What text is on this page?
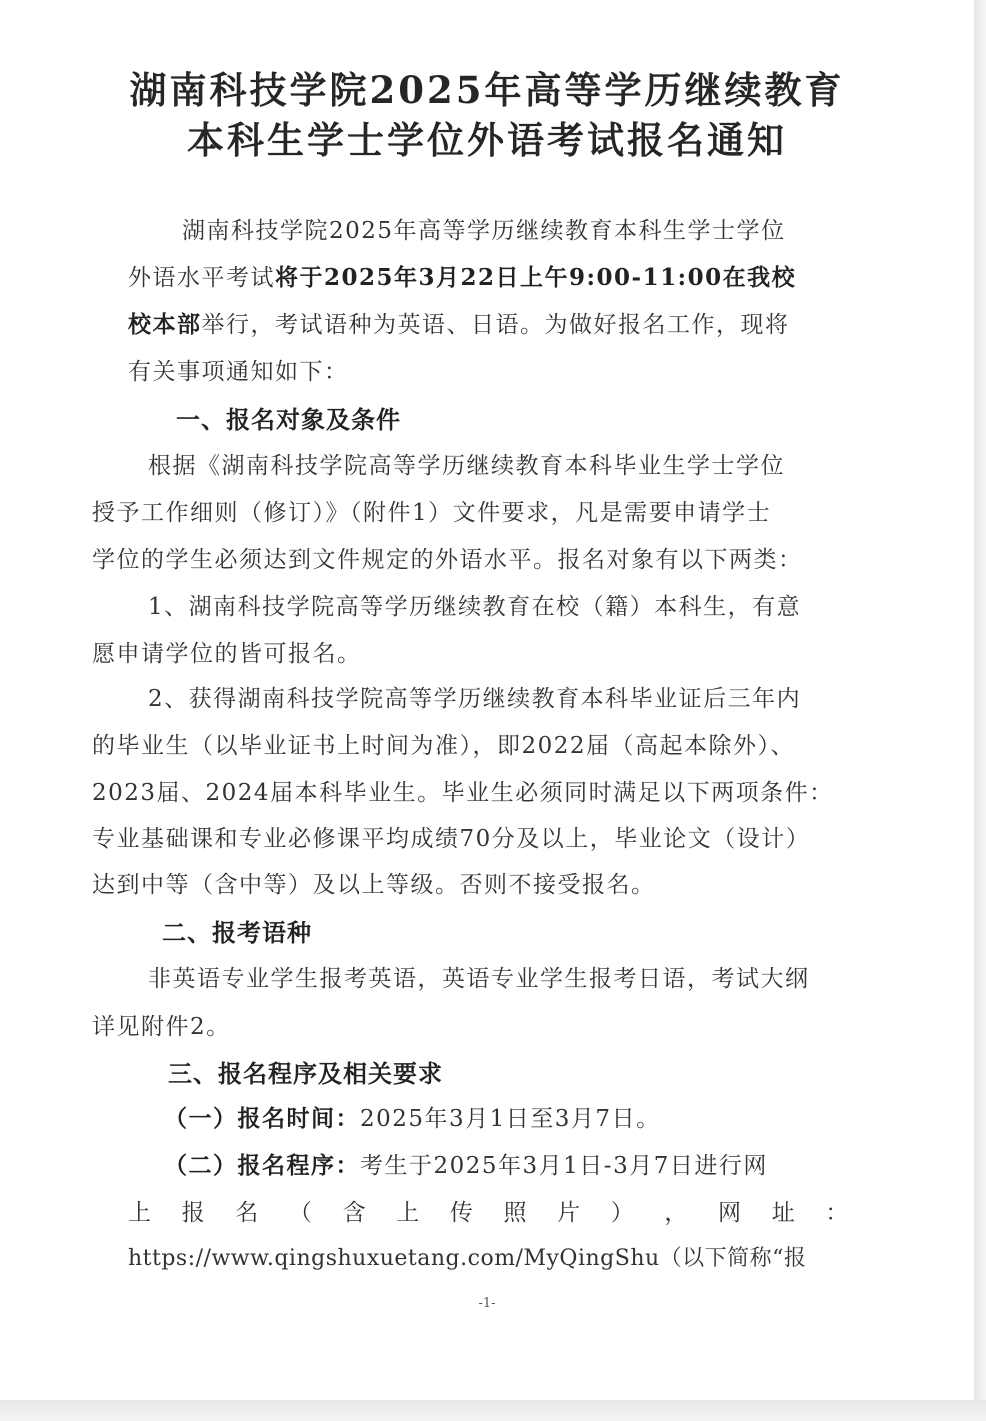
湖南科技学院2025年高等学历继续教育
本科生学士学位外语考试报名通知
湖南科技学院2025年高等学历继续教育本科生学士学位
外语水平考试将于2025年3月22日上午9:00-11:00在我校
校本部举行，考试语种为英语、日语。为做好报名工作，现将
有关事项通知如下：
一、报名对象及条件
根据《湖南科技学院高等学历继续教育本科毕业生学士学位
授予工作细则（修订）》（附件1）文件要求，凡是需要申请学士
学位的学生必须达到文件规定的外语水平。报名对象有以下两类：
1、湖南科技学院高等学历继续教育在校（籍）本科生，有意
愿申请学位的皆可报名。
2、获得湖南科技学院高等学历继续教育本科毕业证后三年内
的毕业生（以毕业证书上时间为准），即2022届（高起本除外）、
2023届、2024届本科毕业生。毕业生必须同时满足以下两项条件：
专业基础课和专业必修课平均成绩70分及以上，毕业论文（设计）
达到中等（含中等）及以上等级。否则不接受报名。
二、报考语种
非英语专业学生报考英语，英语专业学生报考日语，考试大纲
详见附件2。
三、报名程序及相关要求
（一）报名时间：2025年3月1日至3月7日。
（二）报名程序：考生于2025年3月1日-3月7日进行网
上 报 名 （ 含 上 传 照 片 ） ， 网 址 ：
https://www.qingshuxuetang.com/MyQingShu（以下简称“报
-1-
